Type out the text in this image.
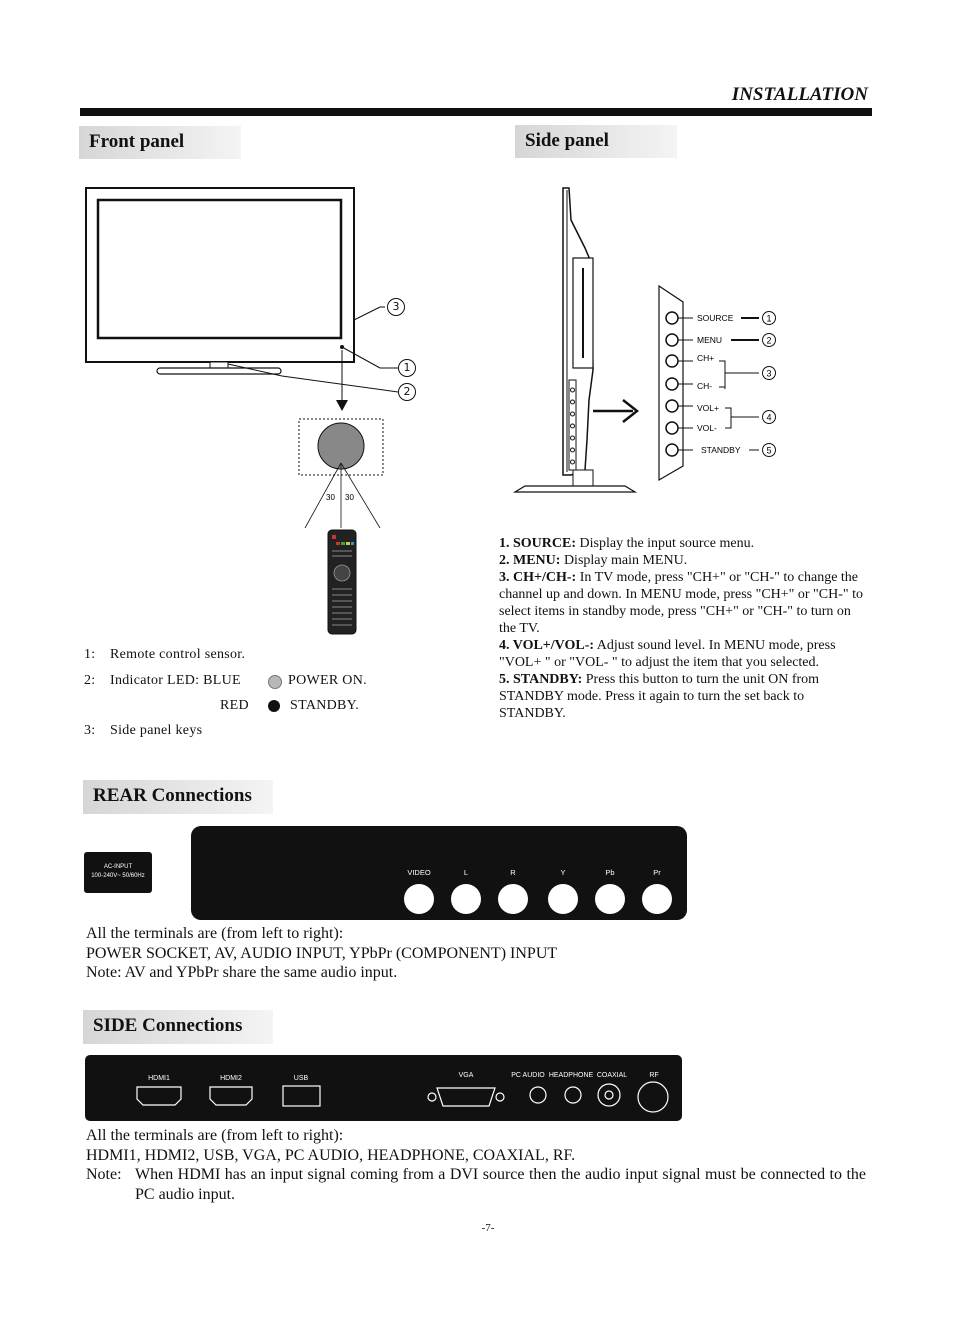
INSTALLATION
Front panel	Side panel
30 30
3
1
2
1: Remote control sensor.
2: Indicator LED: BLUE	POWER ON.
RED	STANDBY.
3: Side panel keys
SOURCE
MENU
CH+
CH-
VOL+
VOL-
STANDBY
1
2
3
4
5
1. SOURCE: Display the input source menu.
2. MENU: Display main MENU.
3. CH+/CH-: In TV mode, press "CH+" or "CH-" to change the channel up and down. In MENU mode, press "CH+" or "CH-" to select items in standby mode, press "CH+" or "CH-" to turn on the TV.
4. VOL+/VOL-: Adjust sound level. In MENU mode, press "VOL+ " or "VOL- " to adjust the item that you selected.
5. STANDBY: Press this button to turn the unit ON from STANDBY mode. Press it again to turn the set back to STANDBY.
REAR Connections
AC-INPUT
100-240V~ 50/60Hz	VIDEO	L	R	Y	Pb	Pr
All the terminals are (from left to right):
POWER SOCKET, AV, AUDIO INPUT, YPbPr (COMPONENT) INPUT
Note: AV and YPbPr share the same audio input.
SIDE Connections
HDMI1	HDMI2	USB	VGA	PC AUDIO HEADPHONE COAXIAL	RF
All the terminals are (from left to right):
HDMI1, HDMI2, USB, VGA, PC AUDIO, HEADPHONE, COAXIAL, RF.
Note: When HDMI has an input signal coming from a DVI source then the audio input signal must be connected to the PC audio input.
-7-
